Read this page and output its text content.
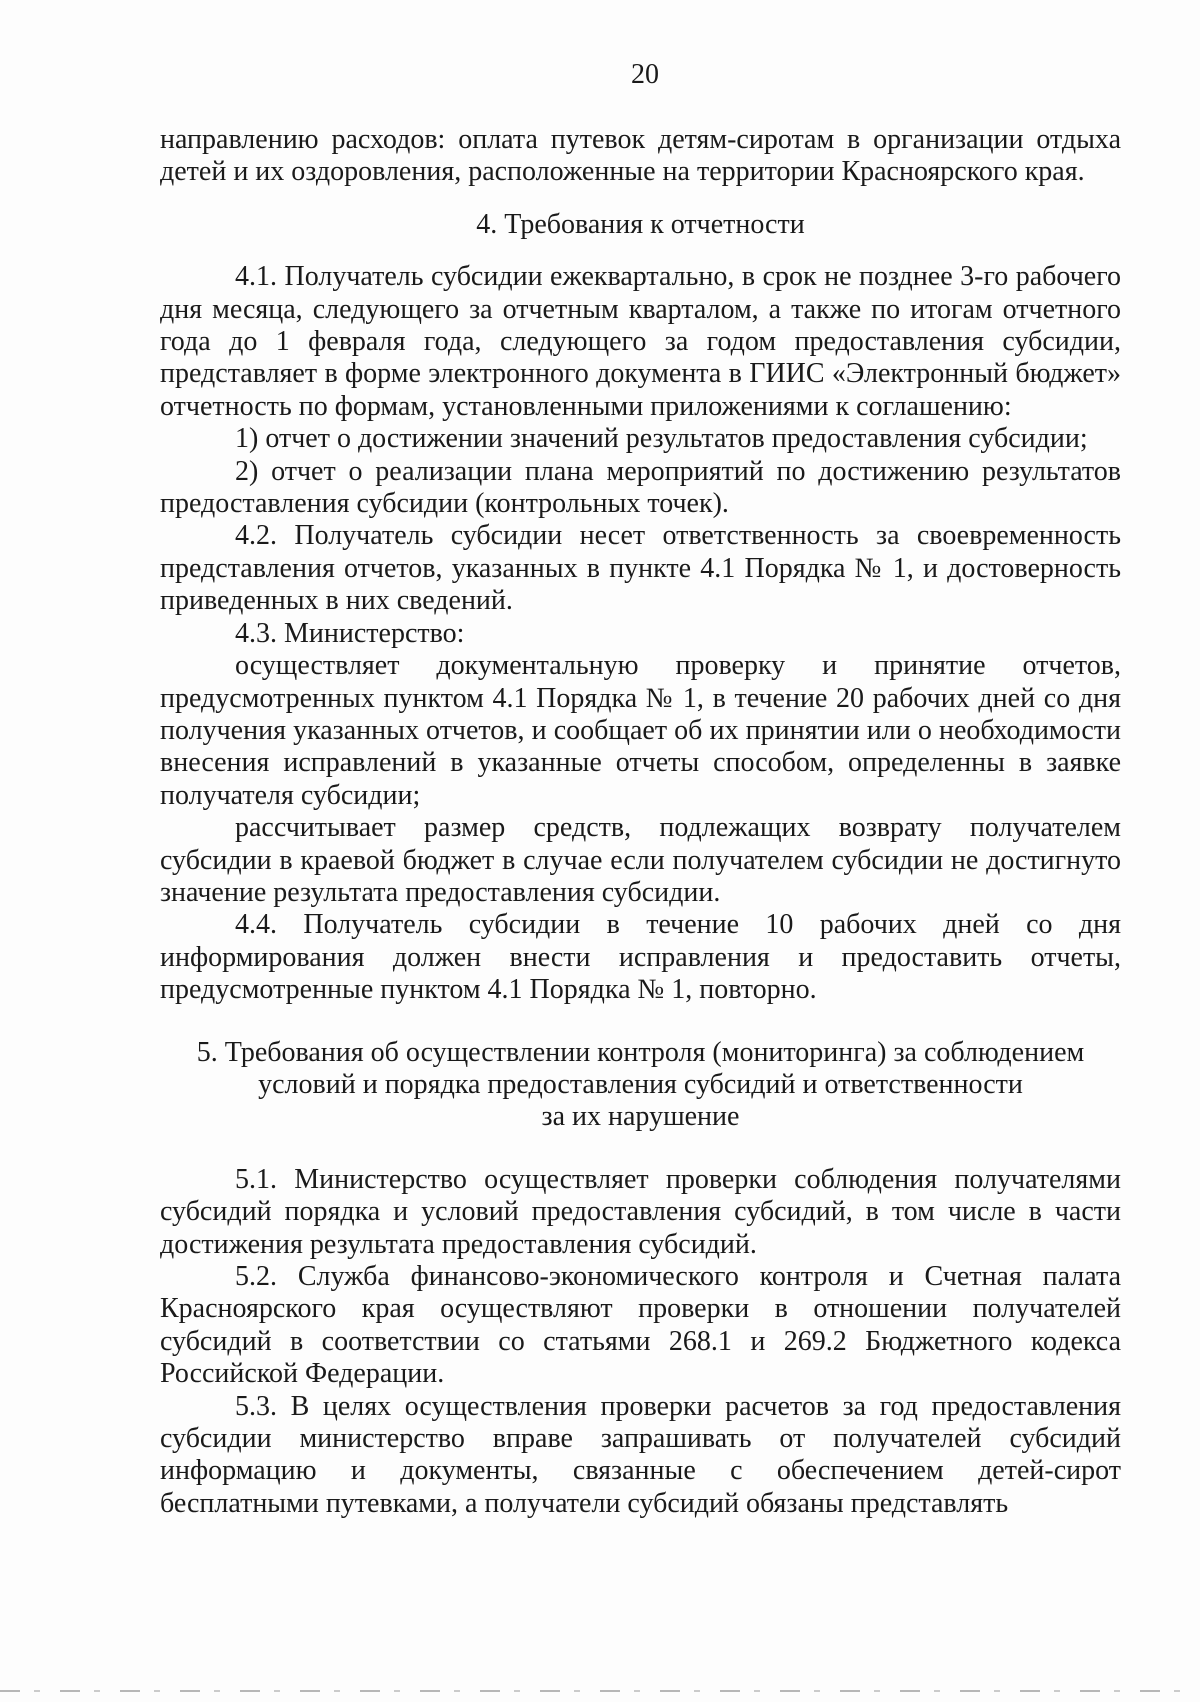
20

направлению расходов: оплата путевок детям-сиротам в организации отдыха детей и их оздоровления, расположенные на территории Красноярского края.

4. Требования к отчетности

4.1. Получатель субсидии ежеквартально, в срок не позднее 3-го рабочего дня месяца, следующего за отчетным кварталом, а также по итогам отчетного года до 1 февраля года, следующего за годом предоставления субсидии, представляет в форме электронного документа в ГИИС «Электронный бюджет» отчетность по формам, установленными приложениями к соглашению:

1) отчет о достижении значений результатов предоставления субсидии;

2) отчет о реализации плана мероприятий по достижению результатов предоставления субсидии (контрольных точек).

4.2. Получатель субсидии несет ответственность за своевременность представления отчетов, указанных в пункте 4.1 Порядка № 1, и достоверность приведенных в них сведений.

4.3. Министерство:

осуществляет документальную проверку и принятие отчетов, предусмотренных пунктом 4.1 Порядка № 1, в течение 20 рабочих дней со дня получения указанных отчетов, и сообщает об их принятии или о необходимости внесения исправлений в указанные отчеты способом, определенны в заявке получателя субсидии;

рассчитывает размер средств, подлежащих возврату получателем субсидии в краевой бюджет в случае если получателем субсидии не достигнуто значение результата предоставления субсидии.

4.4. Получатель субсидии в течение 10 рабочих дней со дня информирования должен внести исправления и предоставить отчеты, предусмотренные пунктом 4.1 Порядка № 1, повторно.

5. Требования об осуществлении контроля (мониторинга) за соблюдением
условий и порядка предоставления субсидий и ответственности
за их нарушение

5.1. Министерство осуществляет проверки соблюдения получателями субсидий порядка и условий предоставления субсидий, в том числе в части достижения результата предоставления субсидий.

5.2. Служба финансово-экономического контроля и Счетная палата Красноярского края осуществляют проверки в отношении получателей субсидий в соответствии со статьями 268.1 и 269.2 Бюджетного кодекса Российской Федерации.

5.3. В целях осуществления проверки расчетов за год предоставления субсидии министерство вправе запрашивать от получателей субсидий информацию и документы, связанные с обеспечением детей-сирот бесплатными путевками, а получатели субсидий обязаны представлять
